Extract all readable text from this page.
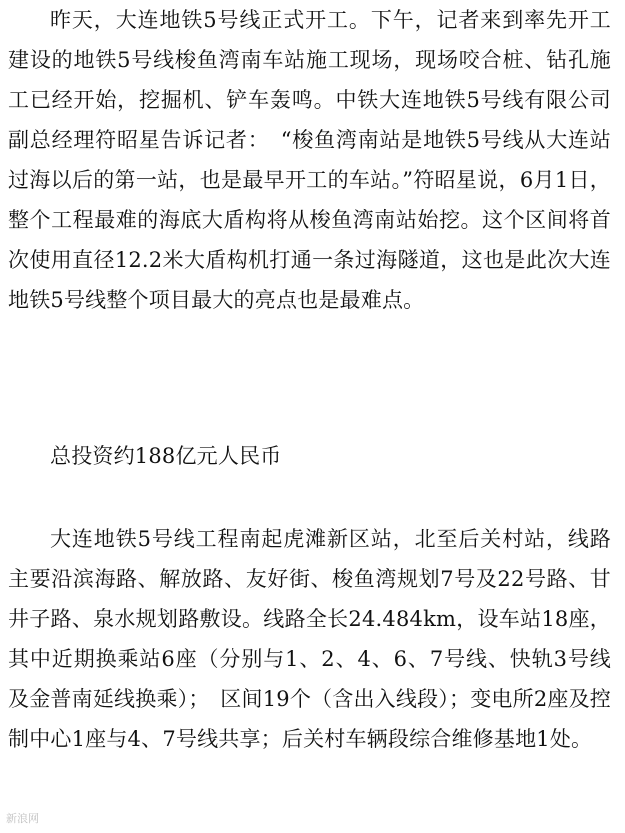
昨天，大连地铁5号线正式开工。下午，记者来到率先开工建设的地铁5号线梭鱼湾南车站施工现场，现场咬合桩、钻孔施工已经开始，挖掘机、铲车轰鸣。中铁大连地铁5号线有限公司副总经理符昭星告诉记者：　“梭鱼湾南站是地铁5号线从大连站过海以后的第一站，也是最早开工的车站。”符昭星说，6月1日，整个工程最难的海底大盾构将从梭鱼湾南站始挖。这个区间将首次使用直径12.2米大盾构机打通一条过海隧道，这也是此次大连地铁5号线整个项目最大的亮点也是最难点。

总投资约188亿元人民币

大连地铁5号线工程南起虎滩新区站，北至后关村站，线路主要沿滨海路、解放路、友好街、梭鱼湾规划7号及22号路、甘井子路、泉水规划路敷设。线路全长24.484km，设车站18座，其中近期换乘站6座（分别与1、2、4、6、7号线、快轨3号线及金普南延线换乘）；　区间19个（含出入线段）；变电所2座及控制中心1座与4、7号线共享；后关村车辆段综合维修基地1处。

新浪网
